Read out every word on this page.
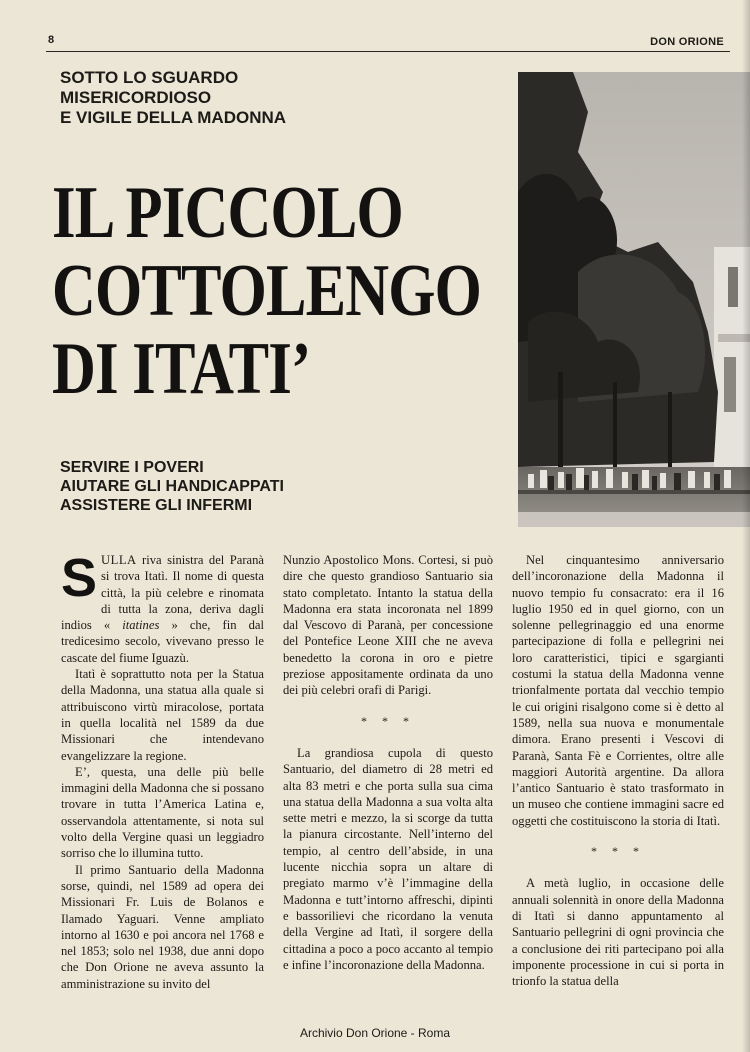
8	DON ORIONE
SOTTO LO SGUARDO
MISERICORDIOSO
E VIGILE DELLA MADONNA
IL PICCOLO
COTTOLENGO
DI ITATI’
SERVIRE I POVERI
AIUTARE GLI HANDICAPPATI
ASSISTERE GLI INFERMI

SULLA riva sinistra del Paranà si trova Itatì. Il nome di questa città, la più celebre e rinomata di tutta la zona, deriva dagli indios « itatines » che, fin dal tredicesimo secolo, vivevano presso le cascate del fiume Iguazù.

Itatì è soprattutto nota per la Statua della Madonna, una statua alla quale si attribuiscono virtù miracolose, portata in quella località nel 1589 da due Missionari che intendevano evangelizzare la regione.

E’, questa, una delle più belle immagini della Madonna che si possano trovare in tutta l’America Latina e, osservandola attentamente, si nota sul volto della Vergine quasi un leggiadro sorriso che lo illumina tutto.

Il primo Santuario della Madonna sorse, quindi, nel 1589 ad opera dei Missionari Fr. Luis de Bolanos e Ilamado Yaguari. Venne ampliato intorno al 1630 e poi ancora nel 1768 e nel 1853; solo nel 1938, due anni dopo che Don Orione ne aveva assunto la amministrazione su invito del

Nunzio Apostolico Mons. Cortesi, si può dire che questo grandioso Santuario sia stato completato. Intanto la statua della Madonna era stata incoronata nel 1899 dal Vescovo di Paranà, per concessione del Pontefice Leone XIII che ne aveva benedetto la corona in oro e pietre preziose appositamente ordinata da uno dei più celebri orafi di Parigi.

* * *

La grandiosa cupola di questo Santuario, del diametro di 28 metri ed alta 83 metri e che porta sulla sua cima una statua della Madonna a sua volta alta sette metri e mezzo, la si scorge da tutta la pianura circostante. Nell’interno del tempio, al centro dell’abside, in una lucente nicchia sopra un altare di pregiato marmo v’è l’immagine della Madonna e tutt’intorno affreschi, dipinti e bassorilievi che ricordano la venuta della Vergine ad Itatì, il sorgere della cittadina a poco a poco accanto al tempio e infine l’incoronazione della Madonna.

Nel cinquantesimo anniversario dell’incoronazione della Madonna il nuovo tempio fu consacrato: era il 16 luglio 1950 ed in quel giorno, con un solenne pellegrinaggio ed una enorme partecipazione di folla e pellegrini nei loro caratteristici, tipici e sgargianti costumi la statua della Madonna venne trionfalmente portata dal vecchio tempio le cui origini risalgono come si è detto al 1589, nella sua nuova e monumentale dimora. Erano presenti i Vescovi di Paranà, Santa Fè e Corrientes, oltre alle maggiori Autorità argentine. Da allora l’antico Santuario è stato trasformato in un museo che contiene immagini sacre ed oggetti che costituiscono la storia di Itatì.

* * *

A metà luglio, in occasione delle annuali solennità in onore della Madonna di Itatì si danno appuntamento al Santuario pellegrini di ogni provincia che a conclusione dei riti partecipano poi alla imponente processione in cui si porta in trionfo la statua della

Archivio Don Orione - Roma
